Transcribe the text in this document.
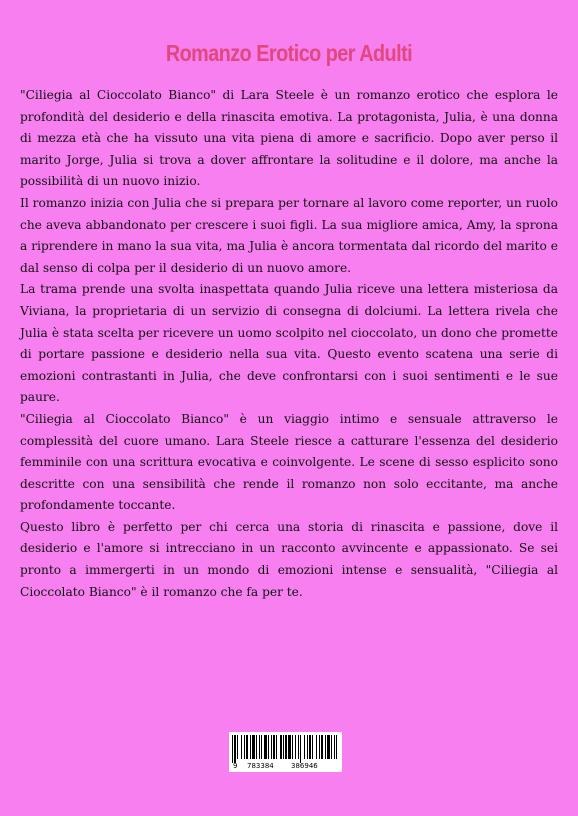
Romanzo Erotico per Adulti

"Ciliegia al Cioccolato Bianco" di Lara Steele è un romanzo erotico che esplora le profondità del desiderio e della rinascita emotiva. La protagonista, Julia, è una donna di mezza età che ha vissuto una vita piena di amore e sacrificio. Dopo aver perso il marito Jorge, Julia si trova a dover affrontare la solitudine e il dolore, ma anche la possibilità di un nuovo inizio.

Il romanzo inizia con Julia che si prepara per tornare al lavoro come reporter, un ruolo che aveva abbandonato per crescere i suoi figli. La sua migliore amica, Amy, la sprona a riprendere in mano la sua vita, ma Julia è ancora tormentata dal ricordo del marito e dal senso di colpa per il desiderio di un nuovo amore.

La trama prende una svolta inaspettata quando Julia riceve una lettera misteriosa da Viviana, la proprietaria di un servizio di consegna di dolciumi. La lettera rivela che Julia è stata scelta per ricevere un uomo scolpito nel cioccolato, un dono che promette di portare passione e desiderio nella sua vita. Questo evento scatena una serie di emozioni contrastanti in Julia, che deve confrontarsi con i suoi sentimenti e le sue paure.

"Ciliegia al Cioccolato Bianco" è un viaggio intimo e sensuale attraverso le complessità del cuore umano. Lara Steele riesce a catturare l'essenza del desiderio femminile con una scrittura evocativa e coinvolgente. Le scene di sesso esplicito sono descritte con una sensibilità che rende il romanzo non solo eccitante, ma anche profondamente toccante.

Questo libro è perfetto per chi cerca una storia di rinascita e passione, dove il desiderio e l'amore si intrecciano in un racconto avvincente e appassionato. Se sei pronto a immergerti in un mondo di emozioni intense e sensualità, "Ciliegia al Cioccolato Bianco" è il romanzo che fa per te.

9 783384 386946
